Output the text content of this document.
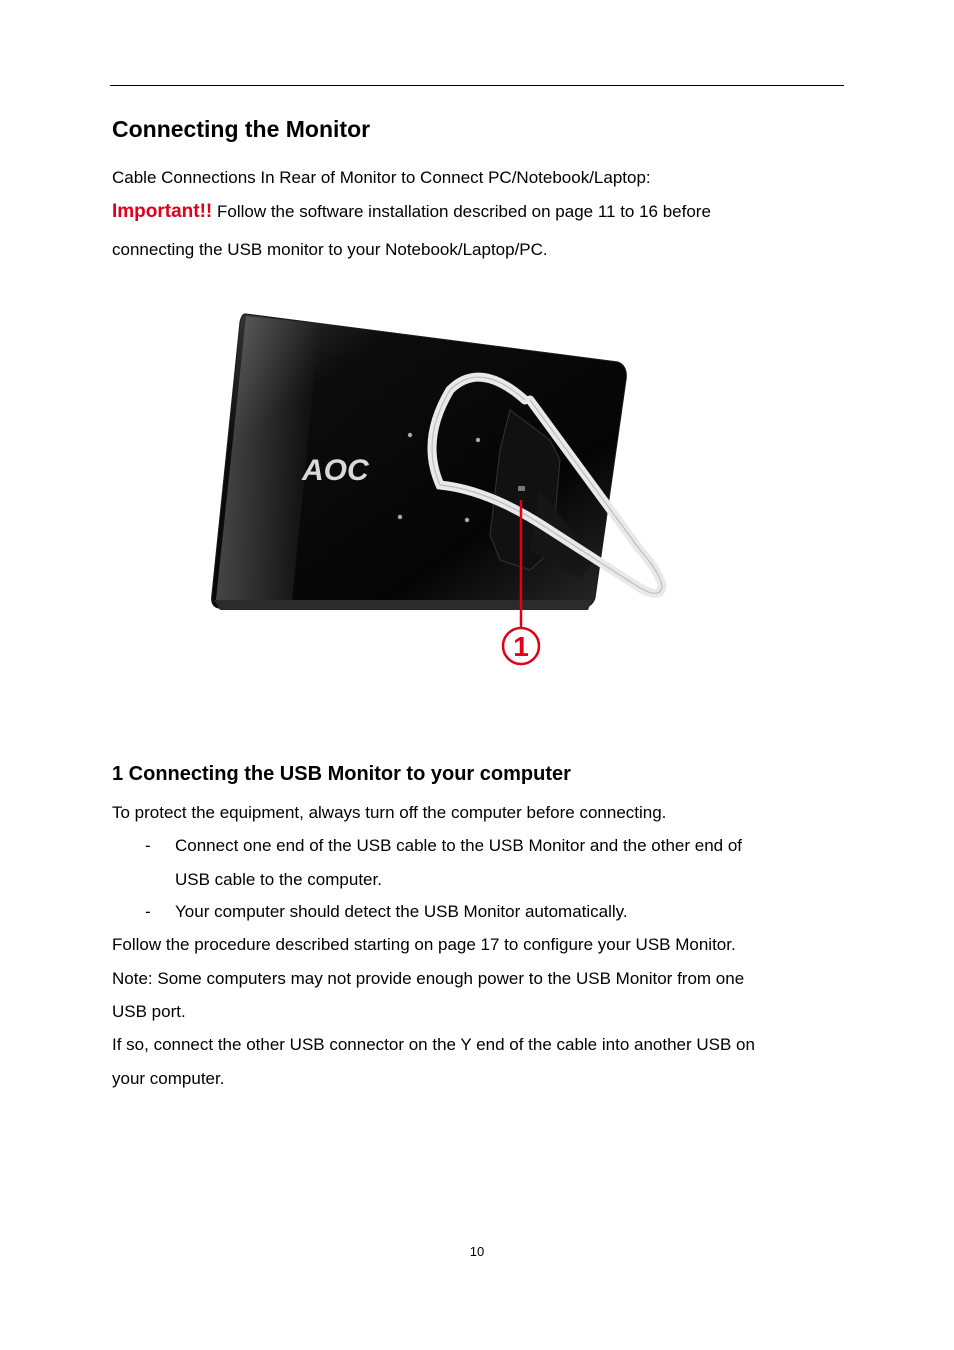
Connecting the Monitor

Cable Connections In Rear of Monitor to Connect PC/Notebook/Laptop:

Important!! Follow the software installation described on page 11 to 16 before

connecting the USB monitor to your Notebook/Laptop/PC.

AOC
1
1 Connecting the USB Monitor to your computer

To protect the equipment, always turn off the computer before connecting.

- Connect one end of the USB cable to the USB Monitor and the other end of
USB cable to the computer.
- Your computer should detect the USB Monitor automatically.

Follow the procedure described starting on page 17 to configure your USB Monitor.

Note: Some computers may not provide enough power to the USB Monitor from one

USB port.

If so, connect the other USB connector on the Y end of the cable into another USB on

your computer.

10
